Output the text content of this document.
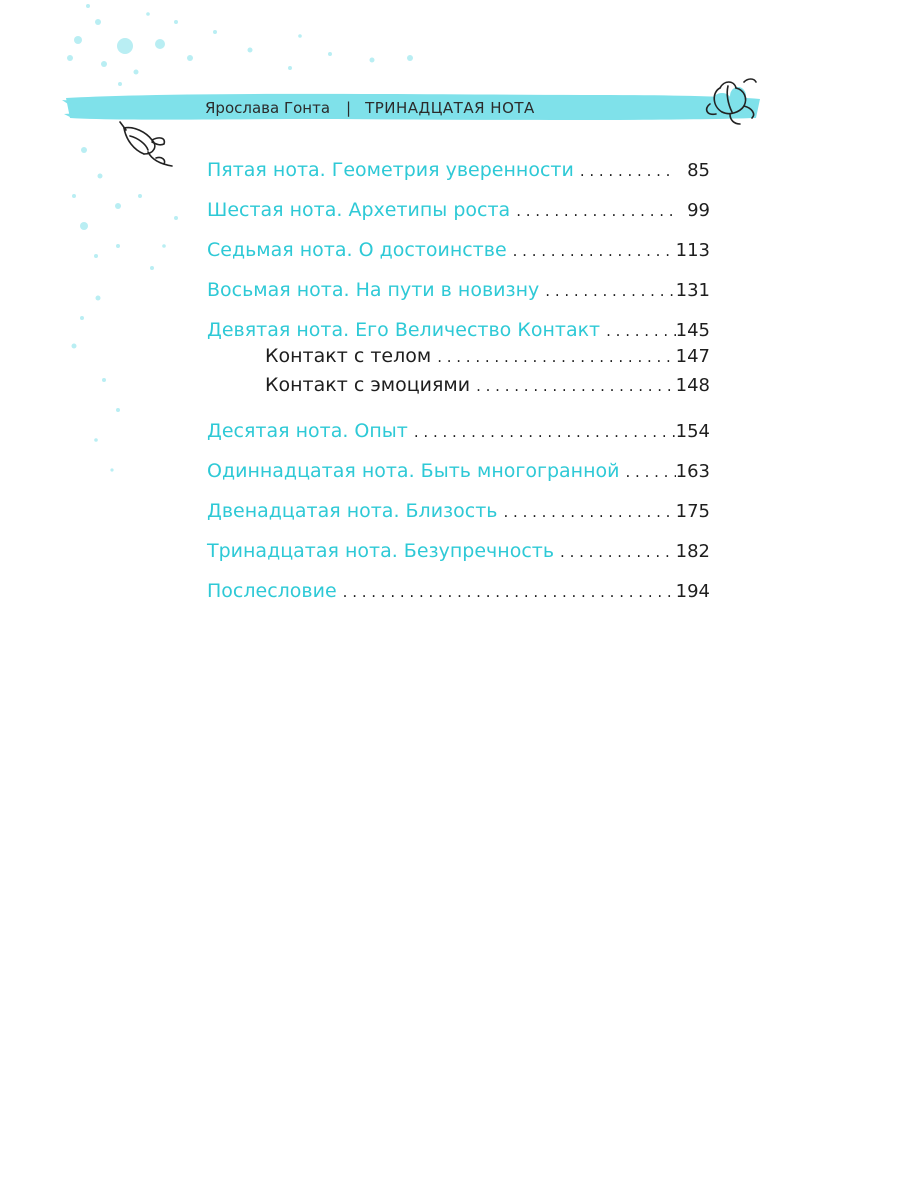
Ярослава Гонта | ТРИНАДЦАТАЯ НОТА
Пятая нота. Геометрия уверенности . . .	85
Шестая нота. Архетипы роста . . .	99
Седьмая нота. О достоинстве . . .	113
Восьмая нота. На пути в новизну . . .	131
Девятая нота. Его Величество Контакт . . .	145
Контакт с телом . . .	147
Контакт с эмоциями . . .	148
Десятая нота. Опыт . . .	154
Одиннадцатая нота. Быть многогранной . . .	163
Двенадцатая нота. Близость . . .	175
Тринадцатая нота. Безупречность . . .	182
Послесловие . . .	194
